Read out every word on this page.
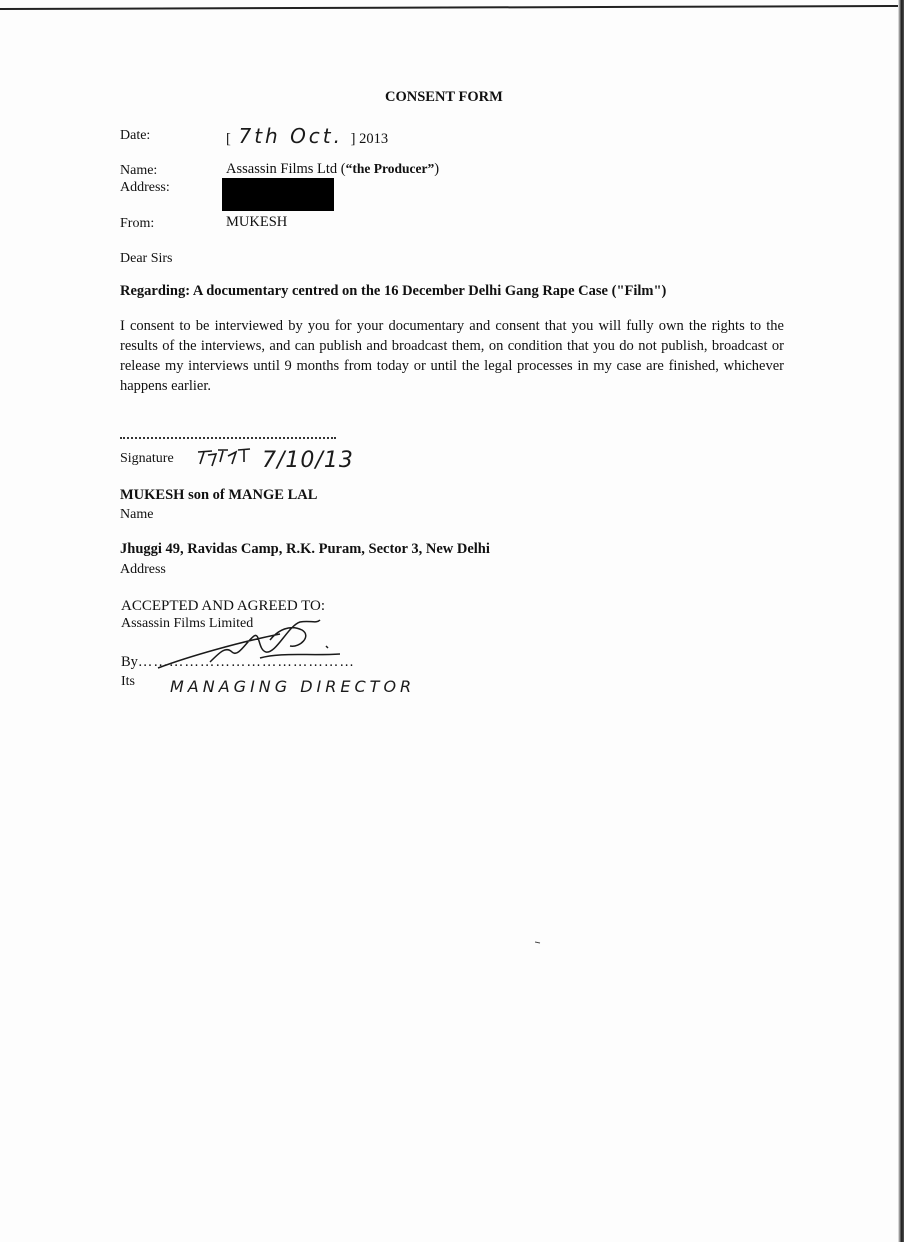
CONSENT FORM
Date:	[ 7th Oct. ] 2013
Name:	Assassin Films Ltd (“the Producer”)
Address:
From:	MUKESH
Dear Sirs
Regarding: A documentary centred on the 16 December Delhi Gang Rape Case ("Film")
I consent to be interviewed by you for your documentary and consent that you will fully own the rights to the results of the interviews, and can publish and broadcast them, on condition that you do not publish, broadcast or release my interviews until 9 months from today or until the legal processes in my case are finished, whichever happens earlier.
Signature	7/10/13
MUKESH son of MANGE LAL
Name
Jhuggi 49, Ravidas Camp, R.K. Puram, Sector 3, New Delhi
Address
ACCEPTED AND AGREED TO:
Assassin Films Limited
By……………………………………
Its MANAGING DIRECTOR
